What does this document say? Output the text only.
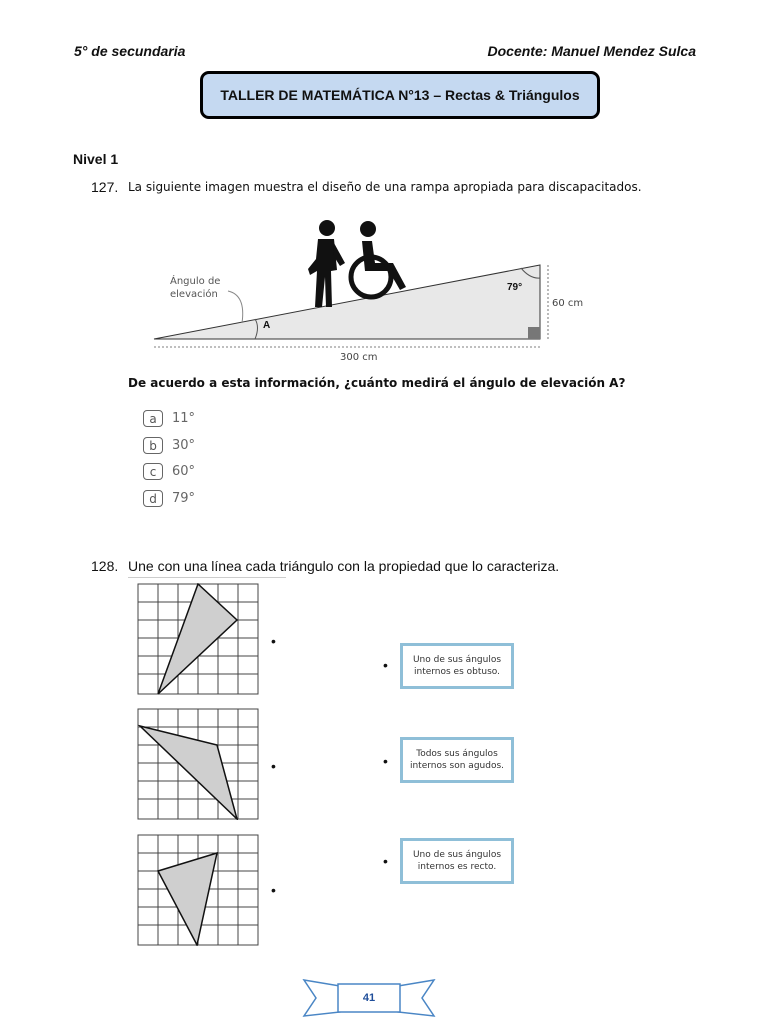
5° de secundaria	Docente: Manuel Mendez Sulca
TALLER DE MATEMÁTICA N°13 – Rectas & Triángulos
Nivel 1
127. La siguiente imagen muestra el diseño de una rampa apropiada para discapacitados.
Ángulo de
elevación
A
79°
60 cm
300 cm
De acuerdo a esta información, ¿cuánto medirá el ángulo de elevación A?
a	11°
b	30°
c	60°
d	79°
128. Une con una línea cada triángulo con la propiedad que lo caracteriza.
•
•
•
•	Uno de sus ángulos internos es obtuso.
•	Todos sus ángulos internos son agudos.
•	Uno de sus ángulos internos es recto.
41
